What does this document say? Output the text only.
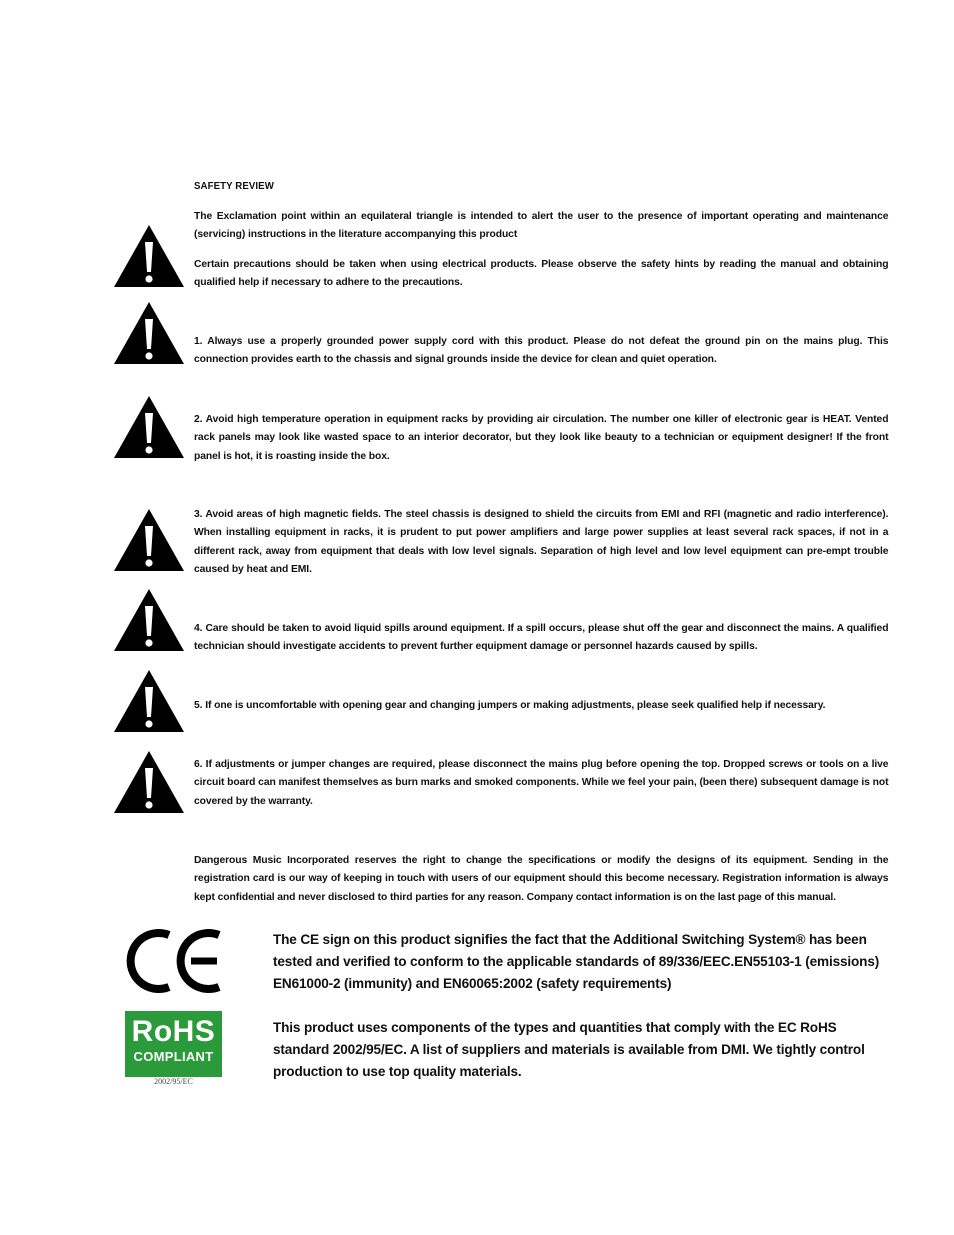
SAFETY REVIEW
The Exclamation point within an equilateral triangle is intended to alert the user to the presence of important operating and maintenance (servicing) instructions in the literature accompanying this product
Certain precautions should be taken when using electrical products. Please observe the safety hints by reading the manual and obtaining qualified help if necessary to adhere to the precautions.
1. Always use a properly grounded power supply cord with this product. Please do not defeat the ground pin on the mains plug. This connection provides earth to the chassis and signal grounds inside the device for clean and quiet operation.
2. Avoid high temperature operation in equipment racks by providing air circulation. The number one killer of electronic gear is HEAT. Vented rack panels may look like wasted space to an interior decorator, but they look like beauty to a technician or equipment designer! If the front panel is hot, it is roasting inside the box.
3. Avoid areas of high magnetic fields. The steel chassis is designed to shield the circuits from EMI and RFI (magnetic and radio interference). When installing equipment in racks, it is prudent to put power amplifiers and large power supplies at least several rack spaces, if not in a different rack, away from equipment that deals with low level signals. Separation of high level and low level equipment can pre-empt trouble caused by heat and EMI.
4. Care should be taken to avoid liquid spills around equipment. If a spill occurs, please shut off the gear and disconnect the mains. A qualified technician should investigate accidents to prevent further equipment damage or personnel hazards caused by spills.
5. If one is uncomfortable with opening gear and changing jumpers or making adjustments, please seek qualified help if necessary.
6. If adjustments or jumper changes are required, please disconnect the mains plug before opening the top. Dropped screws or tools on a live circuit board can manifest themselves as burn marks and smoked components. While we feel your pain, (been there) subsequent damage is not covered by the warranty.
Dangerous Music Incorporated reserves the right to change the specifications or modify the designs of its equipment. Sending in the registration card is our way of keeping in touch with users of our equipment should this become necessary. Registration information is always kept confidential and never disclosed to third parties for any reason. Company contact information is on the last page of this manual.
The CE sign on this product signifies the fact that the Additional Switching System® has been tested and verified to conform to the applicable standards of 89/336/EEC.EN55103-1 (emissions) EN61000-2 (immunity) and EN60065:2002 (safety requirements)
RoHS
COMPLIANT
2002/95/EC
This product uses components of the types and quantities that comply with the EC RoHS standard 2002/95/EC. A list of suppliers and materials is available from DMI. We tightly control production to use top quality materials.
